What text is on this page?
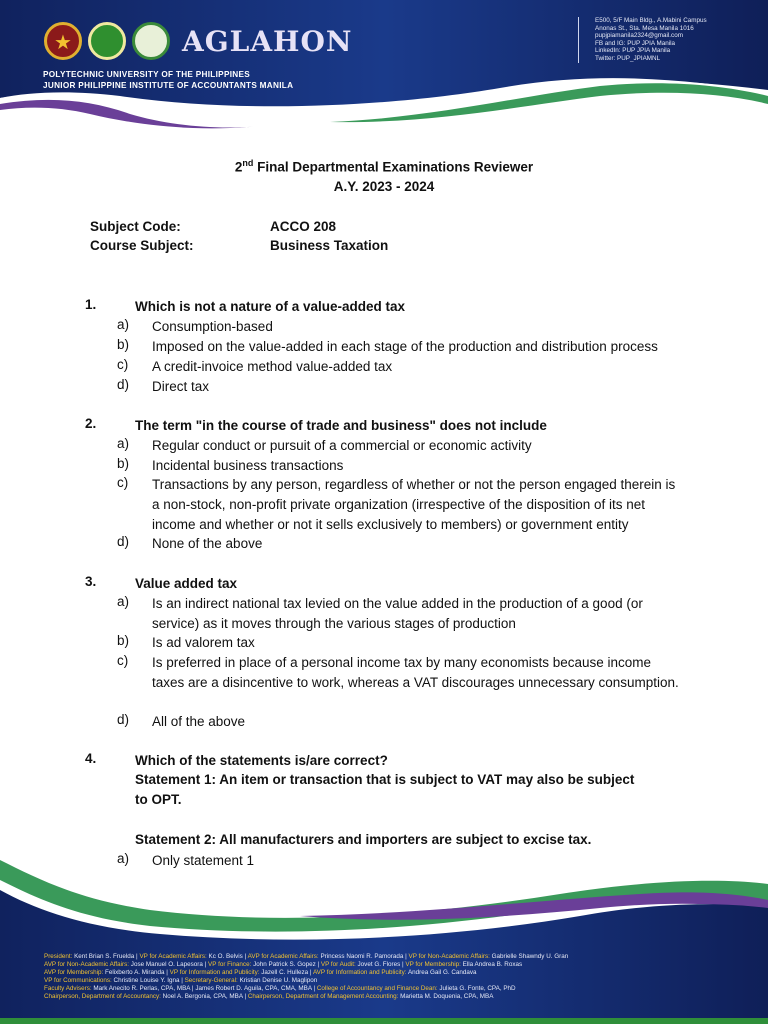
★
AGLAHON
POLYTECHNIC UNIVERSITY OF THE PHILIPPINES
JUNIOR PHILIPPINE INSTITUTE OF ACCOUNTANTS MANILA
E500, 5/F Main Bldg., A.Mabini Campus
Anonas St., Sta. Mesa Manila 1016
pupjpiamanila2324@gmail.com
FB and IG: PUP JPIA Manila
LinkedIn: PUP JPIA Manila
Twitter: PUP_JPIAMNL
2nd Final Departmental Examinations Reviewer
A.Y. 2023 - 2024
Subject Code:	ACCO 208
Course Subject:	Business Taxation
1.	Which is not a nature of a value-added tax
a) Consumption-based
b) Imposed on the value-added in each stage of the production and distribution process
c) A credit-invoice method value-added tax
d) Direct tax
2.	The term "in the course of trade and business" does not include
a) Regular conduct or pursuit of a commercial or economic activity
b) Incidental business transactions
c) Transactions by any person, regardless of whether or not the person engaged therein is a non-stock, non-profit private organization (irrespective of the disposition of its net income and whether or not it sells exclusively to members) or government entity
d) None of the above
3.	Value added tax
a) Is an indirect national tax levied on the value added in the production of a good (or service) as it moves through the various stages of production
b) Is ad valorem tax
c) Is preferred in place of a personal income tax by many economists because income taxes are a disincentive to work, whereas a VAT discourages unnecessary consumption.
d) All of the above
4.	Which of the statements is/are correct?
Statement 1: An item or transaction that is subject to VAT may also be subject to OPT.
Statement 2: All manufacturers and importers are subject to excise tax.
a) Only statement 1
President: Kent Brian S. Fruelda | VP for Academic Affairs: Kc O. Belvis | AVP for Academic Affairs: Princess Naomi R. Pamorada | VP for Non-Academic Affairs: Gabrielle Shawndy U. Gran
AVP for Non-Academic Affairs: Jose Manuel O. Lapesora | VP for Finance: John Patrick S. Gopez | VP for Audit: Jovet G. Flores | VP for Membership: Ella Andrea B. Roxas
AVP for Membership: Felixberto A. Miranda | VP for Information and Publicity: Jazell C. Hulleza | AVP for Information and Publicity: Andrea Gail G. Candava
VP for Communications: Christine Louise Y. Igna | Secretary-General: Kristian Denise U. Maglipon
Faculty Advisers: Mark Anecito R. Perlas, CPA, MBA | James Robert D. Aguila, CPA, CMA, MBA | College of Accountancy and Finance Dean: Julieta G. Fonte, CPA, PhD
Chairperson, Department of Accountancy: Noel A. Bergonia, CPA, MBA | Chairperson, Department of Management Accounting: Marietta M. Doquenia, CPA, MBA
